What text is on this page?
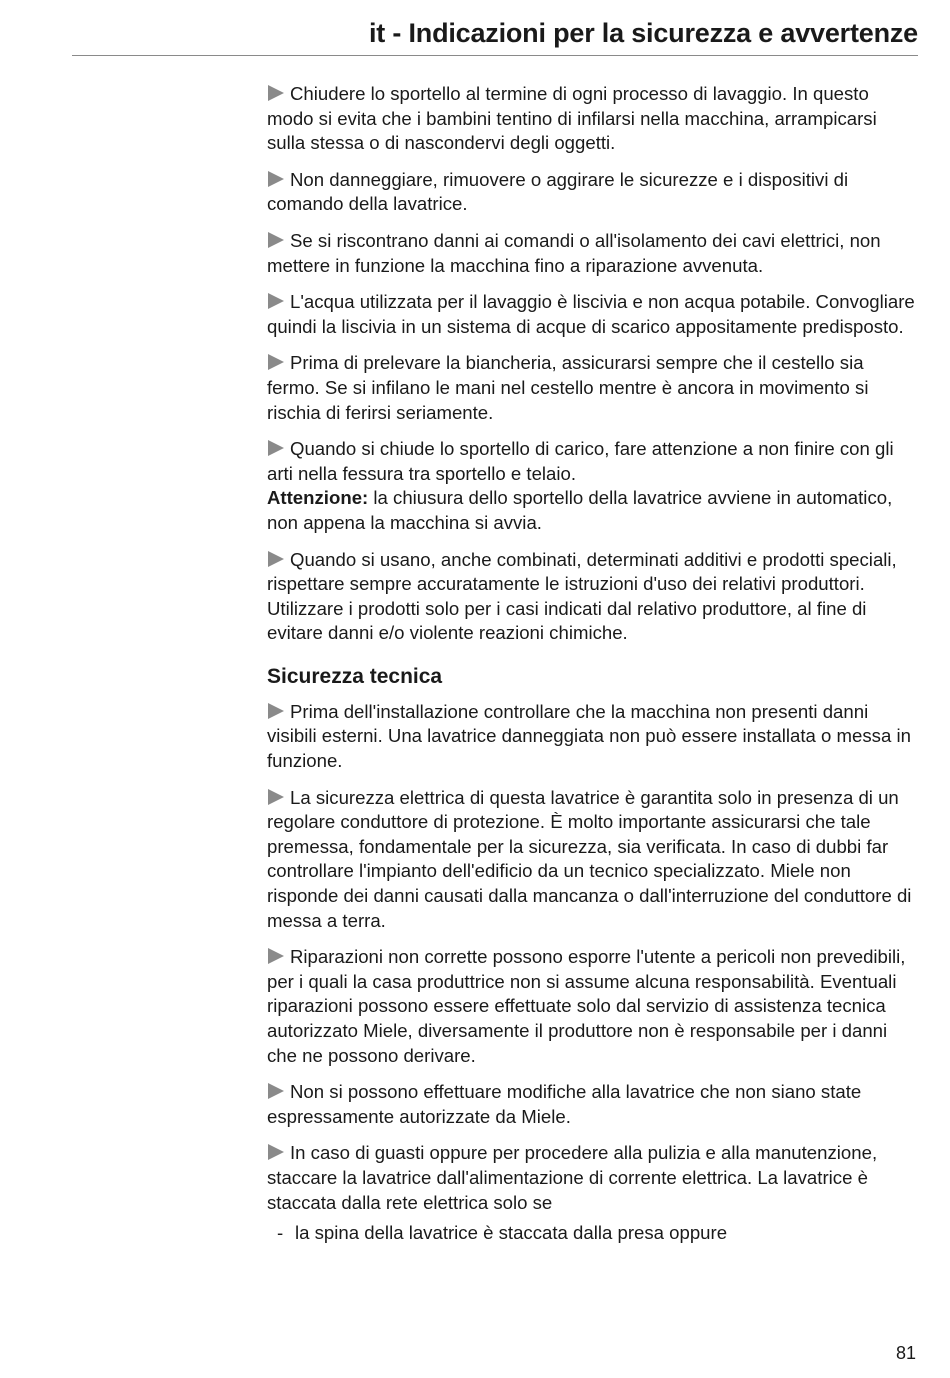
it - Indicazioni per la sicurezza e avvertenze

Chiudere lo sportello al termine di ogni processo di lavaggio. In questo modo si evita che i bambini tentino di infilarsi nella macchina, arrampicarsi sulla stessa o di nascondervi degli oggetti.

Non danneggiare, rimuovere o aggirare le sicurezze e i dispositivi di comando della lavatrice.

Se si riscontrano danni ai comandi o all'isolamento dei cavi elettrici, non mettere in funzione la macchina fino a riparazione avvenuta.

L'acqua utilizzata per il lavaggio è liscivia e non acqua potabile. Convogliare quindi la liscivia in un sistema di acque di scarico appositamente predisposto.

Prima di prelevare la biancheria, assicurarsi sempre che il cestello sia fermo. Se si infilano le mani nel cestello mentre è ancora in movimento si rischia di ferirsi seriamente.

Quando si chiude lo sportello di carico, fare attenzione a non finire con gli arti nella fessura tra sportello e telaio.
Attenzione: la chiusura dello sportello della lavatrice avviene in automatico, non appena la macchina si avvia.

Quando si usano, anche combinati, determinati additivi e prodotti speciali, rispettare sempre accuratamente le istruzioni d'uso dei relativi produttori. Utilizzare i prodotti solo per i casi indicati dal relativo produttore, al fine di evitare danni e/o violente reazioni chimiche.

Sicurezza tecnica

Prima dell'installazione controllare che la macchina non presenti danni visibili esterni. Una lavatrice danneggiata non può essere installata o messa in funzione.

La sicurezza elettrica di questa lavatrice è garantita solo in presenza di un regolare conduttore di protezione. È molto importante assicurarsi che tale premessa, fondamentale per la sicurezza, sia verificata. In caso di dubbi far controllare l'impianto dell'edificio da un tecnico specializzato. Miele non risponde dei danni causati dalla mancanza o dall'interruzione del conduttore di messa a terra.

Riparazioni non corrette possono esporre l'utente a pericoli non prevedibili, per i quali la casa produttrice non si assume alcuna responsabilità. Eventuali riparazioni possono essere effettuate solo dal servizio di assistenza tecnica autorizzato Miele, diversamente il produttore non è responsabile per i danni che ne possono derivare.

Non si possono effettuare modifiche alla lavatrice che non siano state espressamente autorizzate da Miele.

In caso di guasti oppure per procedere alla pulizia e alla manutenzione, staccare la lavatrice dall'alimentazione di corrente elettrica. La lavatrice è staccata dalla rete elettrica solo se

- la spina della lavatrice è staccata dalla presa oppure
81
